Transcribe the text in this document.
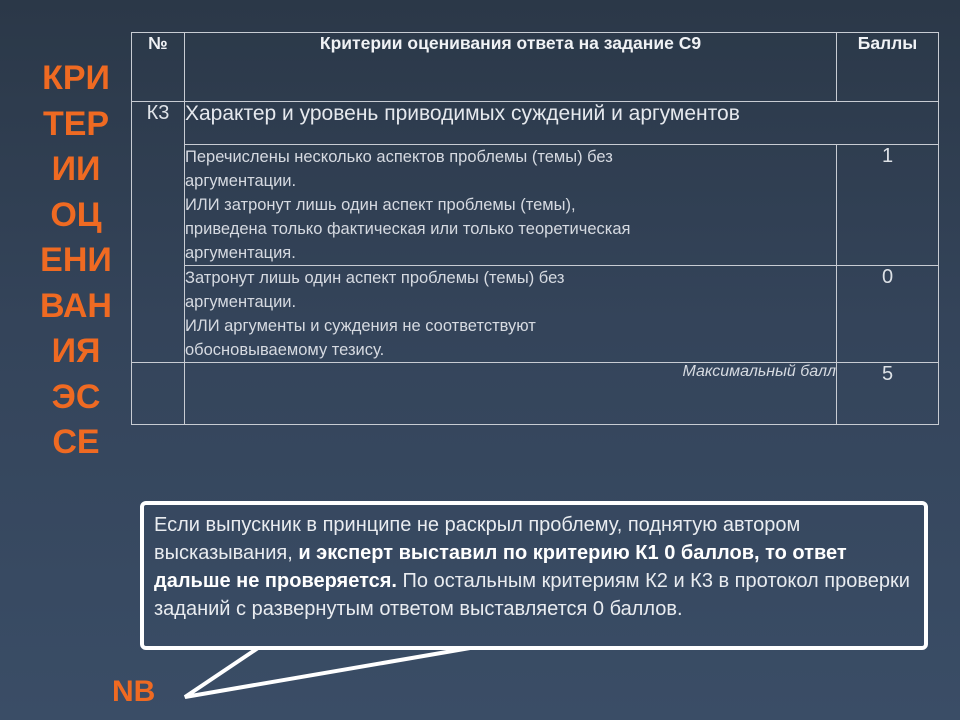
КРИ
ТЕР
ИИ
ОЦ
ЕНИ
ВАН
ИЯ
ЭС
СЕ
№	Критерии оценивания ответа на задание С9	Баллы
К3	Характер и уровень приводимых суждений и аргументов	
	Перечислены несколько аспектов проблемы (темы) без
аргументации.
ИЛИ затронут лишь один аспект проблемы (темы),
приведена только фактическая или только теоретическая
аргументация.	1
	Затронут лишь один аспект проблемы (темы) без
аргументации.
ИЛИ аргументы и суждения не соответствуют
обосновываемому тезису.	0
	Максимальный балл	5
Если выпускник в принципе не раскрыл проблему, поднятую автором высказывания, и эксперт выставил по критерию К1 0 баллов, то ответ дальше не проверяется. По остальным критериям К2 и К3 в протокол проверки заданий с развернутым ответом выставляется 0 баллов.
NB
